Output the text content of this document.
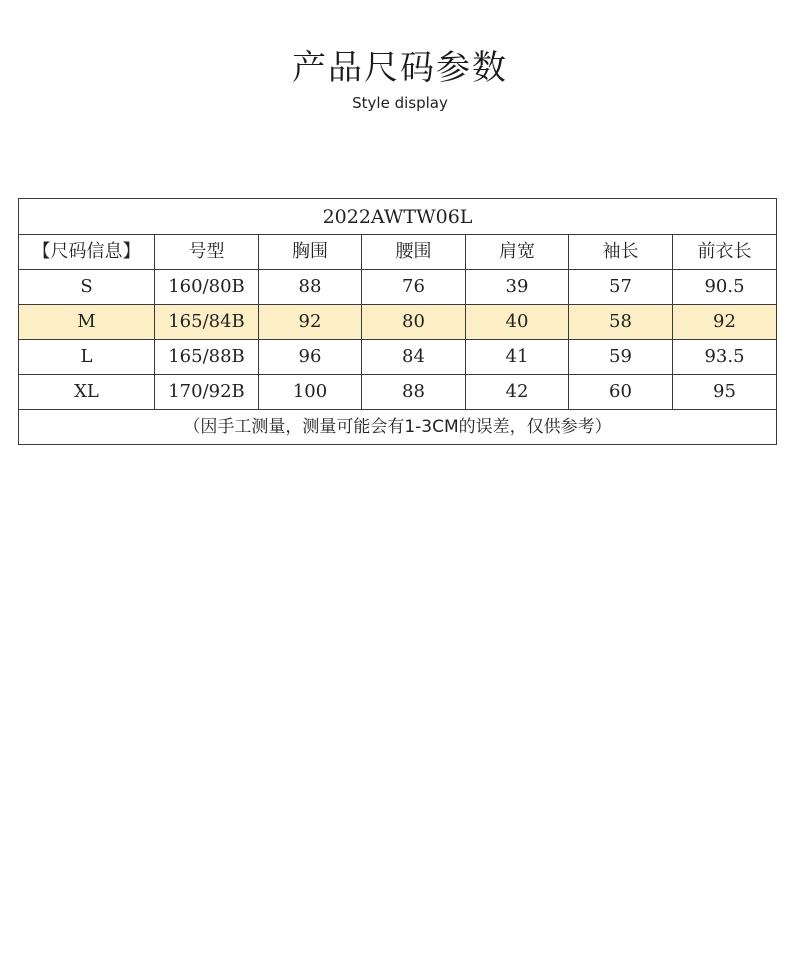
产品尺码参数
Style display
2022AWTW06L						
【尺码信息】	号型	胸围	腰围	肩宽	袖长	前衣长
S	160/80B	88	76	39	57	90.5
M	165/84B	92	80	40	58	92
L	165/88B	96	84	41	59	93.5
XL	170/92B	100	88	42	60	95
（因手工测量，测量可能会有1-3CM的误差，仅供参考）						
